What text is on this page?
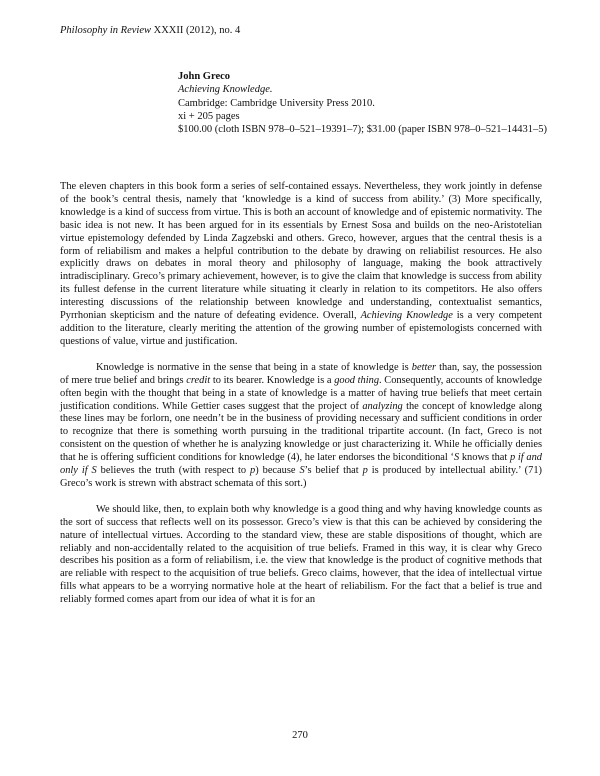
Philosophy in Review XXXII (2012), no. 4
John Greco
Achieving Knowledge.
Cambridge: Cambridge University Press 2010.
xi + 205 pages
$100.00 (cloth ISBN 978–0–521–19391–7); $31.00 (paper ISBN 978–0–521–14431–5)

The eleven chapters in this book form a series of self-contained essays. Nevertheless, they work jointly in defense of the book’s central thesis, namely that ‘knowledge is a kind of success from ability.’ (3) More specifically, knowledge is a kind of success from virtue. This is both an account of knowledge and of epistemic normativity. The basic idea is not new. It has been argued for in its essentials by Ernest Sosa and builds on the neo-Aristotelian virtue epistemology defended by Linda Zagzebski and others. Greco, however, argues that the central thesis is a form of reliabilism and makes a helpful contribution to the debate by drawing on reliabilist resources. He also explicitly draws on debates in moral theory and philosophy of language, making the book attractively intradisciplinary. Greco’s primary achievement, however, is to give the claim that knowledge is success from ability its fullest defense in the current literature while situating it clearly in relation to its competitors. He also offers interesting discussions of the relationship between knowledge and understanding, contextualist semantics, Pyrrhonian skepticism and the nature of defeating evidence. Overall, Achieving Knowledge is a very competent addition to the literature, clearly meriting the attention of the growing number of epistemologists concerned with questions of value, virtue and justification.

Knowledge is normative in the sense that being in a state of knowledge is better than, say, the possession of mere true belief and brings credit to its bearer. Knowledge is a good thing. Consequently, accounts of knowledge often begin with the thought that being in a state of knowledge is a matter of having true beliefs that meet certain justification conditions. While Gettier cases suggest that the project of analyzing the concept of knowledge along these lines may be forlorn, one needn’t be in the business of providing necessary and sufficient conditions in order to recognize that there is something worth pursuing in the traditional tripartite account. (In fact, Greco is not consistent on the question of whether he is analyzing knowledge or just characterizing it. While he officially denies that he is offering sufficient conditions for knowledge (4), he later endorses the biconditional ‘S knows that p if and only if S believes the truth (with respect to p) because S’s belief that p is produced by intellectual ability.’ (71) Greco’s work is strewn with abstract schemata of this sort.)

We should like, then, to explain both why knowledge is a good thing and why having knowledge counts as the sort of success that reflects well on its possessor. Greco’s view is that this can be achieved by considering the nature of intellectual virtues. According to the standard view, these are stable dispositions of thought, which are reliably and non-accidentally related to the acquisition of true beliefs. Framed in this way, it is clear why Greco describes his position as a form of reliabilism, i.e. the view that knowledge is the product of cognitive methods that are reliable with respect to the acquisition of true beliefs. Greco claims, however, that the idea of intellectual virtue fills what appears to be a worrying normative hole at the heart of reliabilism. For the fact that a belief is true and reliably formed comes apart from our idea of what it is for an

270
